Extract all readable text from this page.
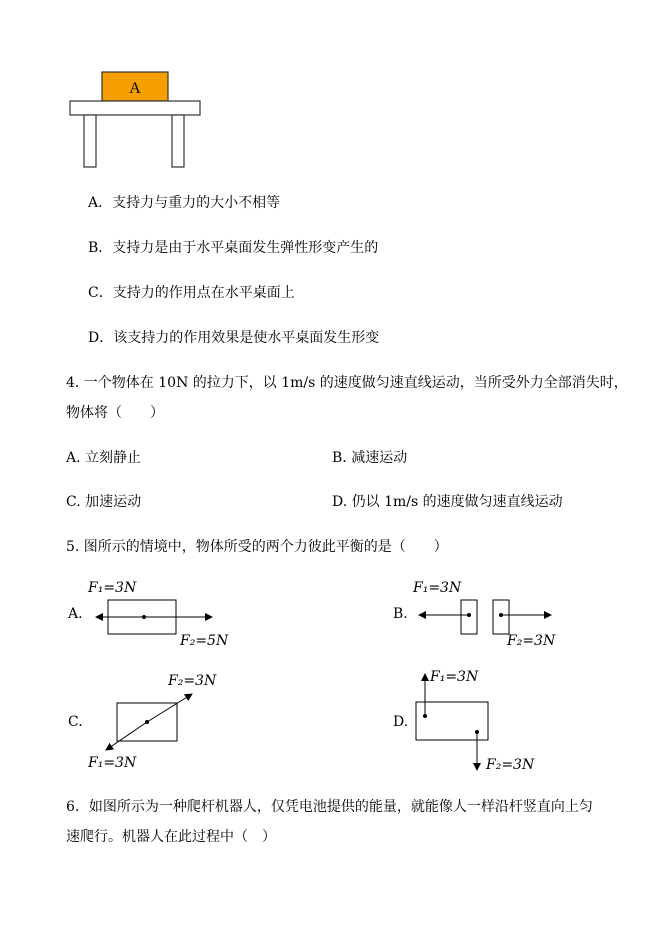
A
A．支持力与重力的大小不相等
B．支持力是由于水平桌面发生弹性形变产生的
C．支持力的作用点在水平桌面上
D．该支持力的作用效果是使水平桌面发生形变
4. 一个物体在 10N 的拉力下，以 1m/s 的速度做匀速直线运动，当所受外力全部消失时，
物体将（　　）
A. 立刻静止	B. 减速运动
C. 加速运动	D. 仍以 1m/s 的速度做匀速直线运动
5. 图所示的情境中，物体所受的两个力彼此平衡的是（　　）
A.
F₁=3N
F₂=5N
B.
F₁=3N
F₂=3N
C.
F₂=3N
F₁=3N
D.
F₁=3N
F₂=3N
6．如图所示为一种爬杆机器人，仅凭电池提供的能量，就能像人一样沿杆竖直向上匀
速爬行。机器人在此过程中（　）
